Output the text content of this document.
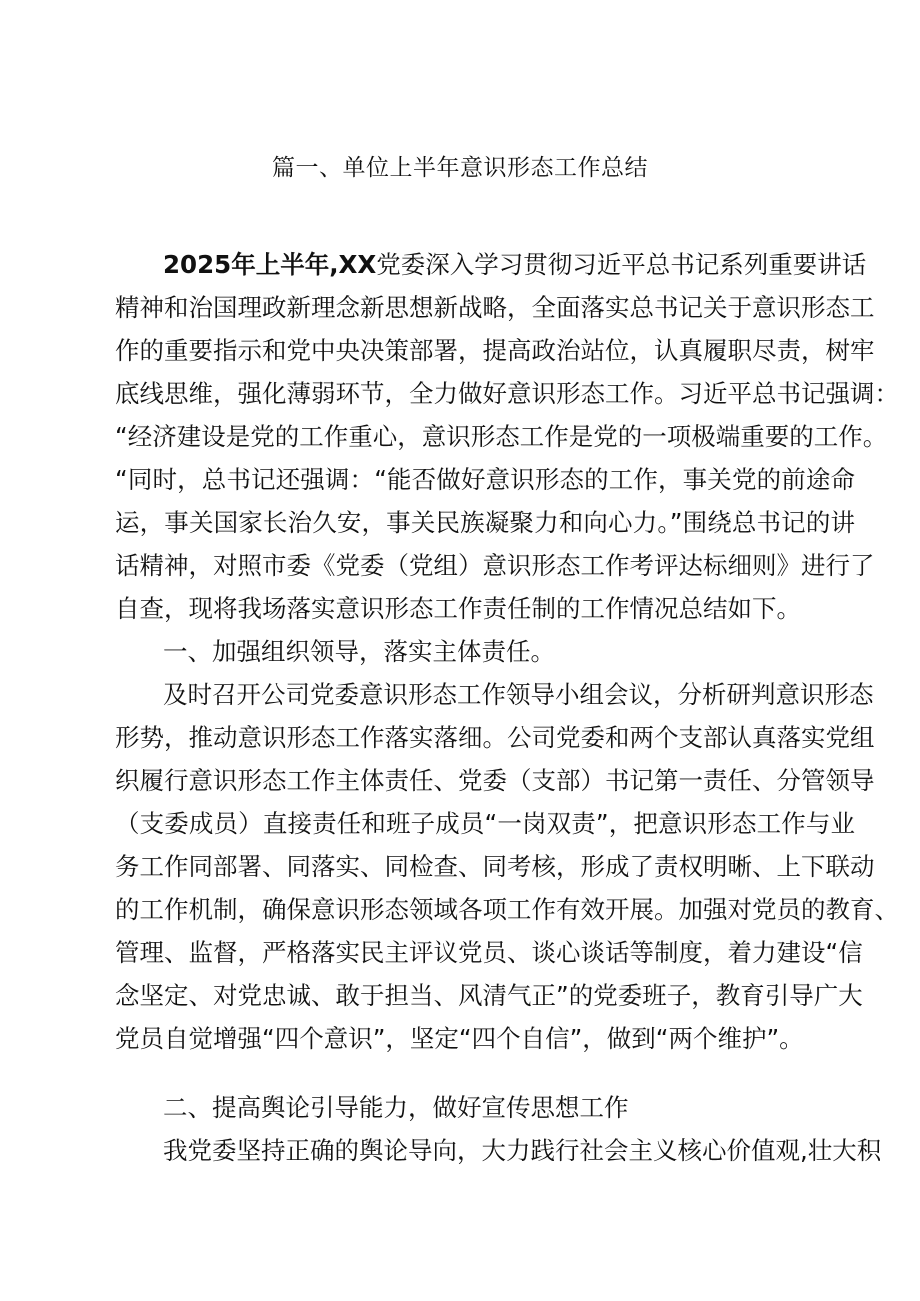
篇一、单位上半年意识形态工作总结
2025年上半年,XX党委深入学习贯彻习近平总书记系列重要讲话
精神和治国理政新理念新思想新战略，全面落实总书记关于意识形态工
作的重要指示和党中央决策部署，提高政治站位，认真履职尽责，树牢
底线思维，强化薄弱环节，全力做好意识形态工作。习近平总书记强调：
“经济建设是党的工作重心，意识形态工作是党的一项极端重要的工作。
“同时，总书记还强调：“能否做好意识形态的工作，事关党的前途命
运，事关国家长治久安，事关民族凝聚力和向心力。”围绕总书记的讲
话精神，对照市委《党委（党组）意识形态工作考评达标细则》进行了
自查，现将我场落实意识形态工作责任制的工作情况总结如下。
一、加强组织领导，落实主体责任。
及时召开公司党委意识形态工作领导小组会议，分析研判意识形态
形势，推动意识形态工作落实落细。公司党委和两个支部认真落实党组
织履行意识形态工作主体责任、党委（支部）书记第一责任、分管领导
（支委成员）直接责任和班子成员“一岗双责”，把意识形态工作与业
务工作同部署、同落实、同检查、同考核，形成了责权明晰、上下联动
的工作机制，确保意识形态领域各项工作有效开展。加强对党员的教育、
管理、监督，严格落实民主评议党员、谈心谈话等制度，着力建设“信
念坚定、对党忠诚、敢于担当、风清气正”的党委班子，教育引导广大
党员自觉增强“四个意识”，坚定“四个自信”，做到“两个维护”。
二、提高舆论引导能力，做好宣传思想工作
我党委坚持正确的舆论导向，大力践行社会主义核心价值观,壮大积
